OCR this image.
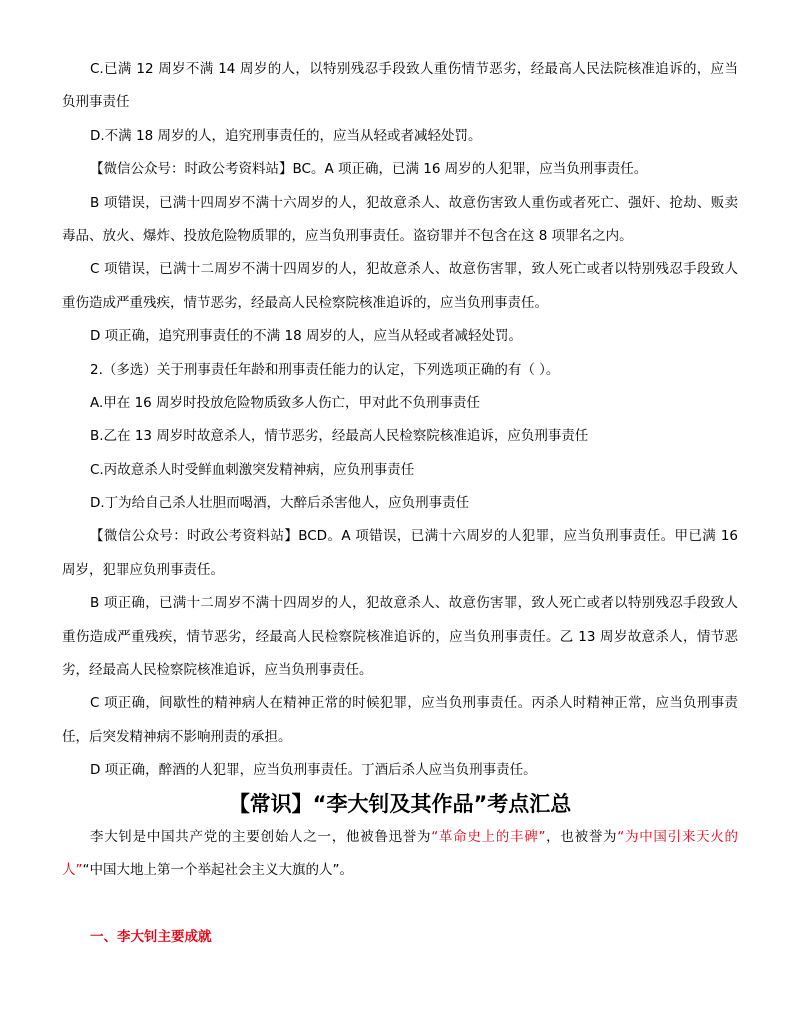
C.已满 12 周岁不满 14 周岁的人，以特别残忍手段致人重伤情节恶劣，经最高人民法院核准追诉的，应当
负刑事责任
D.不满 18 周岁的人，追究刑事责任的，应当从轻或者减轻处罚。
【微信公众号：时政公考资料站】BC。A 项正确，已满 16 周岁的人犯罪，应当负刑事责任。
B 项错误，已满十四周岁不满十六周岁的人，犯故意杀人、故意伤害致人重伤或者死亡、强奸、抢劫、贩卖
毒品、放火、爆炸、投放危险物质罪的，应当负刑事责任。盗窃罪并不包含在这 8 项罪名之内。
C 项错误，已满十二周岁不满十四周岁的人，犯故意杀人、故意伤害罪，致人死亡或者以特别残忍手段致人
重伤造成严重残疾，情节恶劣，经最高人民检察院核准追诉的，应当负刑事责任。
D 项正确，追究刑事责任的不满 18 周岁的人，应当从轻或者减轻处罚。
2.（多选）关于刑事责任年龄和刑事责任能力的认定，下列选项正确的有（ ）。
A.甲在 16 周岁时投放危险物质致多人伤亡，甲对此不负刑事责任
B.乙在 13 周岁时故意杀人，情节恶劣，经最高人民检察院核准追诉，应负刑事责任
C.丙故意杀人时受鲜血刺激突发精神病，应负刑事责任
D.丁为给自己杀人壮胆而喝酒，大醉后杀害他人，应负刑事责任
【微信公众号：时政公考资料站】BCD。A 项错误，已满十六周岁的人犯罪，应当负刑事责任。甲已满 16
周岁，犯罪应负刑事责任。
B 项正确，已满十二周岁不满十四周岁的人，犯故意杀人、故意伤害罪，致人死亡或者以特别残忍手段致人
重伤造成严重残疾，情节恶劣，经最高人民检察院核准追诉的，应当负刑事责任。乙 13 周岁故意杀人，情节恶
劣，经最高人民检察院核准追诉，应当负刑事责任。
C 项正确，间歇性的精神病人在精神正常的时候犯罪，应当负刑事责任。丙杀人时精神正常，应当负刑事责
任，后突发精神病不影响刑责的承担。
D 项正确，醉酒的人犯罪，应当负刑事责任。丁酒后杀人应当负刑事责任。
【常识】“李大钊及其作品”考点汇总
李大钊是中国共产党的主要创始人之一，他被鲁迅誉为“革命史上的丰碑”，也被誉为“为中国引来天火的
人”“中国大地上第一个举起社会主义大旗的人”。
一、李大钊主要成就
